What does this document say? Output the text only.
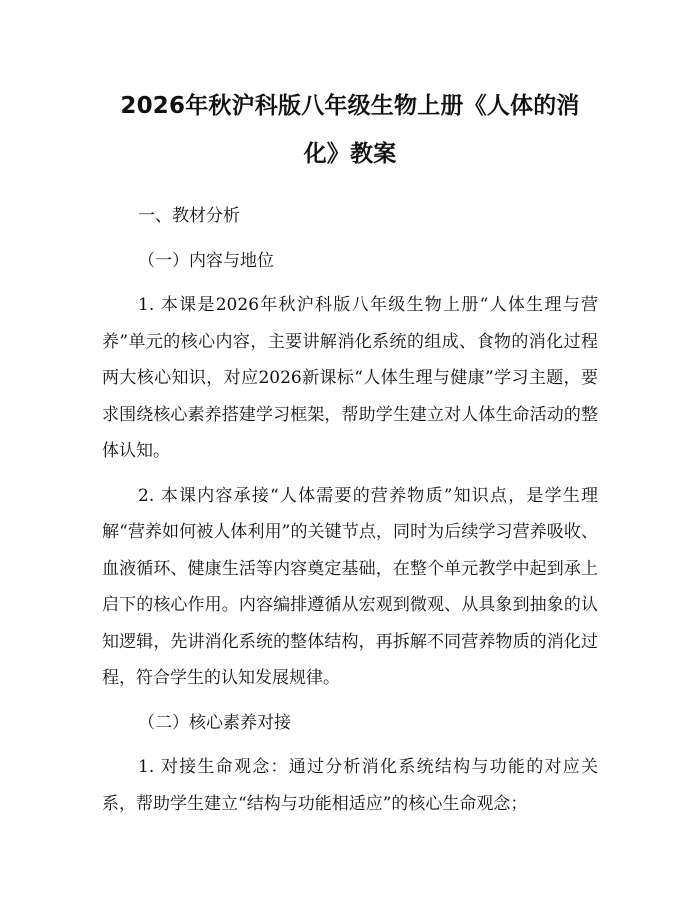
2026年秋沪科版八年级生物上册《人体的消
化》教案

一、教材分析

（一）内容与地位

1. 本课是2026年秋沪科版八年级生物上册“人体生理与营养”单元的核心内容，主要讲解消化系统的组成、食物的消化过程两大核心知识，对应2026新课标“人体生理与健康”学习主题，要求围绕核心素养搭建学习框架，帮助学生建立对人体生命活动的整体认知。

2. 本课内容承接“人体需要的营养物质”知识点，是学生理解“营养如何被人体利用”的关键节点，同时为后续学习营养吸收、血液循环、健康生活等内容奠定基础，在整个单元教学中起到承上启下的核心作用。内容编排遵循从宏观到微观、从具象到抽象的认知逻辑，先讲消化系统的整体结构，再拆解不同营养物质的消化过程，符合学生的认知发展规律。

（二）核心素养对接

1. 对接生命观念：通过分析消化系统结构与功能的对应关系，帮助学生建立“结构与功能相适应”的核心生命观念；
